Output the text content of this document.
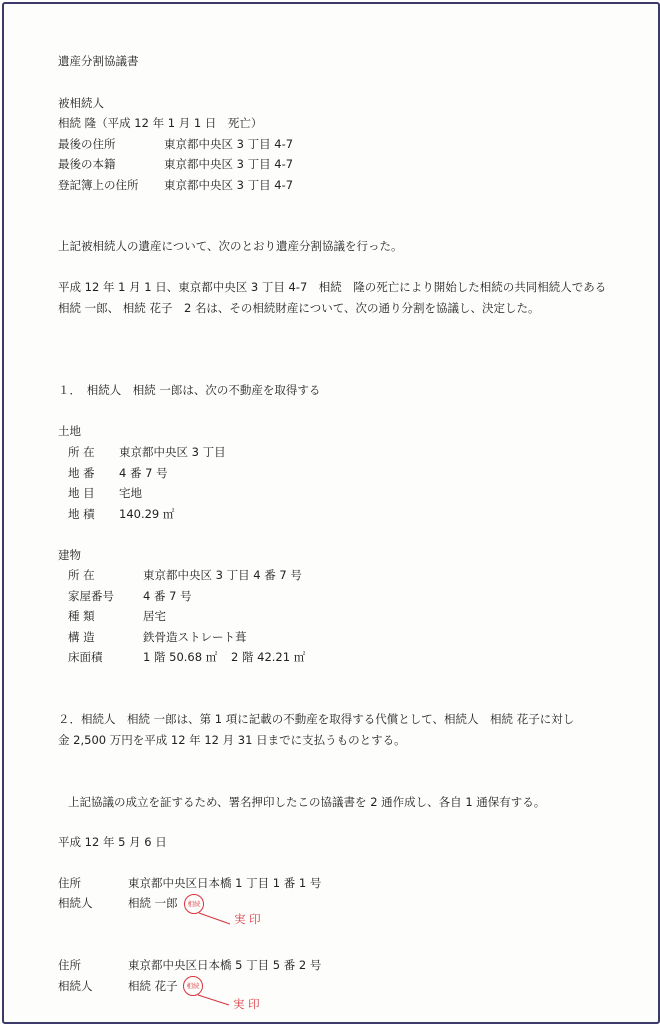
遺産分割協議書
被相続人
相続 隆（平成 12 年 1 月 1 日　死亡）
最後の住所	東京都中央区 3 丁目 4-7
最後の本籍	東京都中央区 3 丁目 4-7
登記簿上の住所 東京都中央区 3 丁目 4-7
上記被相続人の遺産について、次のとおり遺産分割協議を行った。
平成 12 年 1 月 1 日、東京都中央区 3 丁目 4-7　相続　隆の死亡により開始した相続の共同相続人である
相続 一郎、 相続 花子　2 名は、その相続財産について、次の通り分割を協議し、決定した。
１．　相続人　相続 一郎は、次の不動産を取得する
土地
所 在 東京都中央区 3 丁目
地 番 4 番 7 号
地 目 宅地
地 積 140.29 ㎡
建物
所 在	東京都中央区 3 丁目 4 番 7 号
家屋番号	4 番 7 号
種 類	居宅
構 造	鉄骨造ストレート葺
床面積	1 階 50.68 ㎡ 2 階 42.21 ㎡
２．相続人　相続 一郎は、第 1 項に記載の不動産を取得する代償として、相続人　相続 花子に対し
金 2,500 万円を平成 12 年 12 月 31 日までに支払うものとする。
上記協議の成立を証するため、署名押印したこの協議書を 2 通作成し、各自 1 通保有する。
平成 12 年 5 月 6 日
住所	東京都中央区日本橋 1 丁目 1 番 1 号
相続人	相続 一郎 相続
実 印
住所	東京都中央区日本橋 5 丁目 5 番 2 号
相続人	相続 花子 相続
実 印
